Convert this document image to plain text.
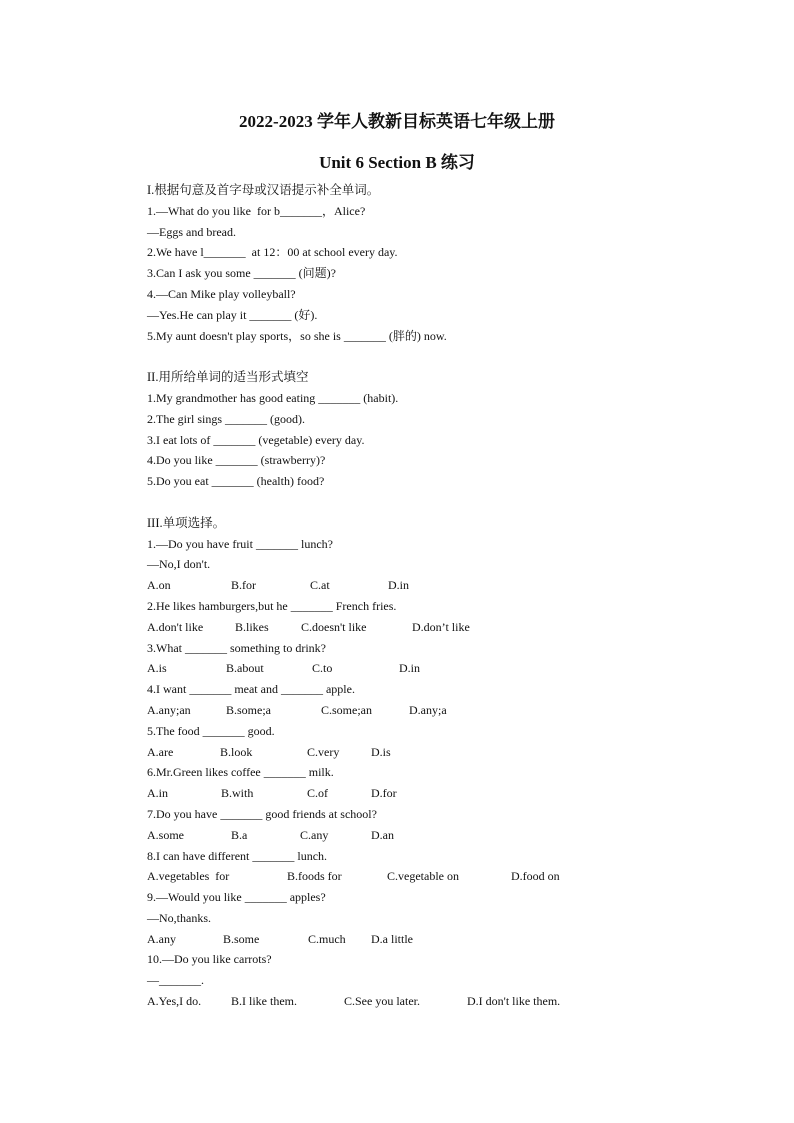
2022-2023 学年人教新目标英语七年级上册
Unit 6 Section B 练习
I.根据句意及首字母或汉语提示补全单词。
1.—What do you like  for b_______，Alice?
—Eggs and bread.
2.We have l_______  at 12：00 at school every day.
3.Can I ask you some _______ (问题)?
4.—Can Mike play volleyball?
—Yes.He can play it _______ (好).
5.My aunt doesn't play sports，so she is _______ (胖的) now.
II.用所给单词的适当形式填空
1.My grandmother has good eating _______ (habit).
2.The girl sings _______ (good).
3.I eat lots of _______ (vegetable) every day.
4.Do you like _______ (strawberry)?
5.Do you eat _______ (health) food?
III.单项选择。
1.—Do you have fruit _______ lunch?
—No,I don't.
A.on	B.for	C.at	D.in
2.He likes hamburgers,but he _______ French fries.
A.don't like	B.likes	C.doesn't like	D.don’t like
3.What _______ something to drink?
A.is	B.about	C.to	D.in
4.I want _______ meat and _______ apple.
A.any;an	B.some;a	C.some;an	D.any;a
5.The food _______ good.
A.are	B.look	C.very	D.is
6.Mr.Green likes coffee _______ milk.
A.in	B.with	C.of	D.for
7.Do you have _______ good friends at school?
A.some	B.a	C.any	D.an
8.I can have different _______ lunch.
A.vegetables  for	B.foods for	C.vegetable on	D.food on
9.—Would you like _______ apples?
—No,thanks.
A.any	B.some	C.much	D.a little
10.—Do you like carrots?
—_______.
A.Yes,I do.	B.I like them.	C.See you later.	D.I don't like them.
